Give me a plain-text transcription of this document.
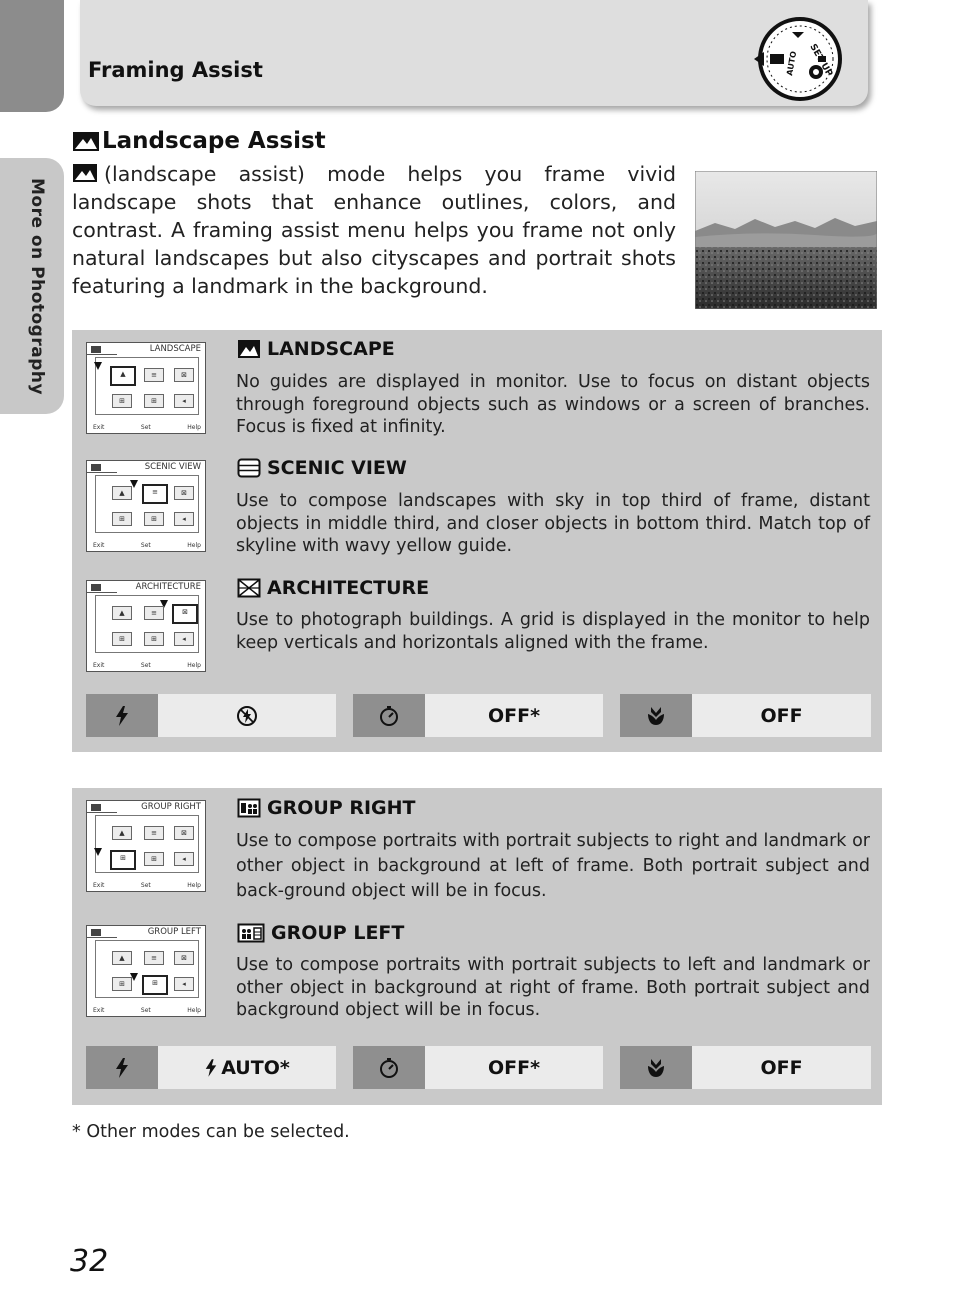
Framing Assist
SET UP
AUTO
More on Photography
Landscape Assist
(landscape assist) mode helps you frame vivid landscape shots that enhance outlines, colors, and contrast. A framing assist menu helps you frame not only natural landscapes but also cityscapes and portrait shots featuring a landmark in the background.
LANDSCAPE
▲	≡	⊠
⊞	⊞	◂
Exit	Set	Help
LANDSCAPE
No guides are displayed in monitor. Use to focus on distant objects through foreground objects such as windows or a screen of branches. Focus is fixed at infinity.
SCENIC VIEW
▲	≡	⊠
⊞	⊞	◂
Exit	Set	Help
SCENIC VIEW
Use to compose landscapes with sky in top third of frame, distant objects in middle third, and closer objects in bottom third. Match top of skyline with wavy yellow guide.
ARCHITECTURE
▲	≡	⊠
⊞	⊞	◂
Exit	Set	Help
ARCHITECTURE
Use to photograph buildings. A grid is displayed in the monitor to help keep verticals and horizontals aligned with the frame.
OFF*	OFF
GROUP RIGHT
▲	≡	⊠
⊞	⊞	◂
Exit	Set	Help
GROUP RIGHT
Use to compose portraits with portrait subjects to right and landmark or other object in background at left of frame. Both portrait subject and back-ground object will be in focus.
GROUP LEFT
▲	≡	⊠
⊞	⊞	◂
Exit	Set	Help
GROUP LEFT
Use to compose portraits with portrait subjects to left and landmark or other object in background at right of frame. Both portrait subject and background object will be in focus.
AUTO*	OFF*	OFF
* Other modes can be selected.
32
